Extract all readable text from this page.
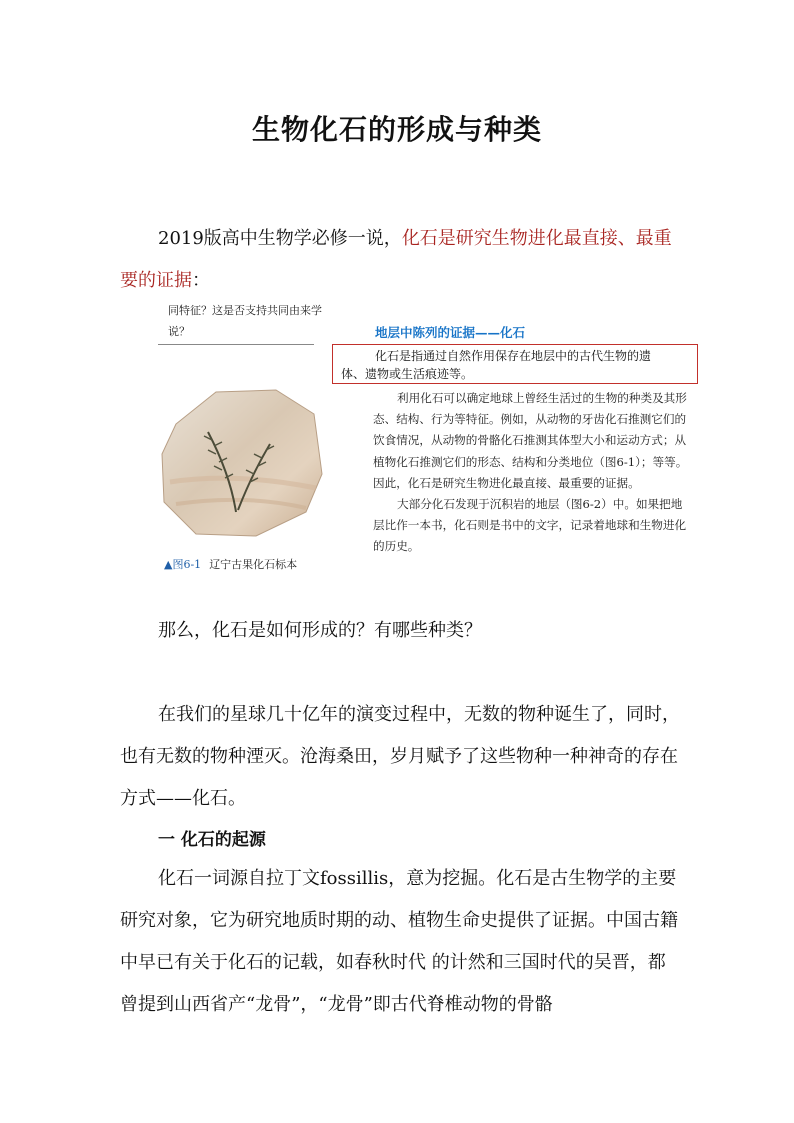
生物化石的形成与种类
2019版高中生物学必修一说，化石是研究生物进化最直接、最重要的证据：
同特征？这是否支持共同由来学说？
▲图6-1 辽宁古果化石标本
地层中陈列的证据——化石
化石是指通过自然作用保存在地层中的古代生物的遗
体、遗物或生活痕迹等。

利用化石可以确定地球上曾经生活过的生物的种类及其形态、结构、行为等特征。例如，从动物的牙齿化石推测它们的饮食情况，从动物的骨骼化石推测其体型大小和运动方式；从植物化石推测它们的形态、结构和分类地位（图6-1）；等等。因此，化石是研究生物进化最直接、最重要的证据。

大部分化石发现于沉积岩的地层（图6-2）中。如果把地层比作一本书，化石则是书中的文字，记录着地球和生物进化的历史。

那么，化石是如何形成的？有哪些种类？
在我们的星球几十亿年的演变过程中，无数的物种诞生了，同时，也有无数的物种湮灭。沧海桑田，岁月赋予了这些物种一种神奇的存在方式——化石。
一 化石的起源
化石一词源自拉丁文fossillis，意为挖掘。化石是古生物学的主要研究对象，它为研究地质时期的动、植物生命史提供了证据。中国古籍中早已有关于化石的记载，如春秋时代 的计然和三国时代的吴晋，都曾提到山西省产“龙骨”，“龙骨”即古代脊椎动物的骨骼
